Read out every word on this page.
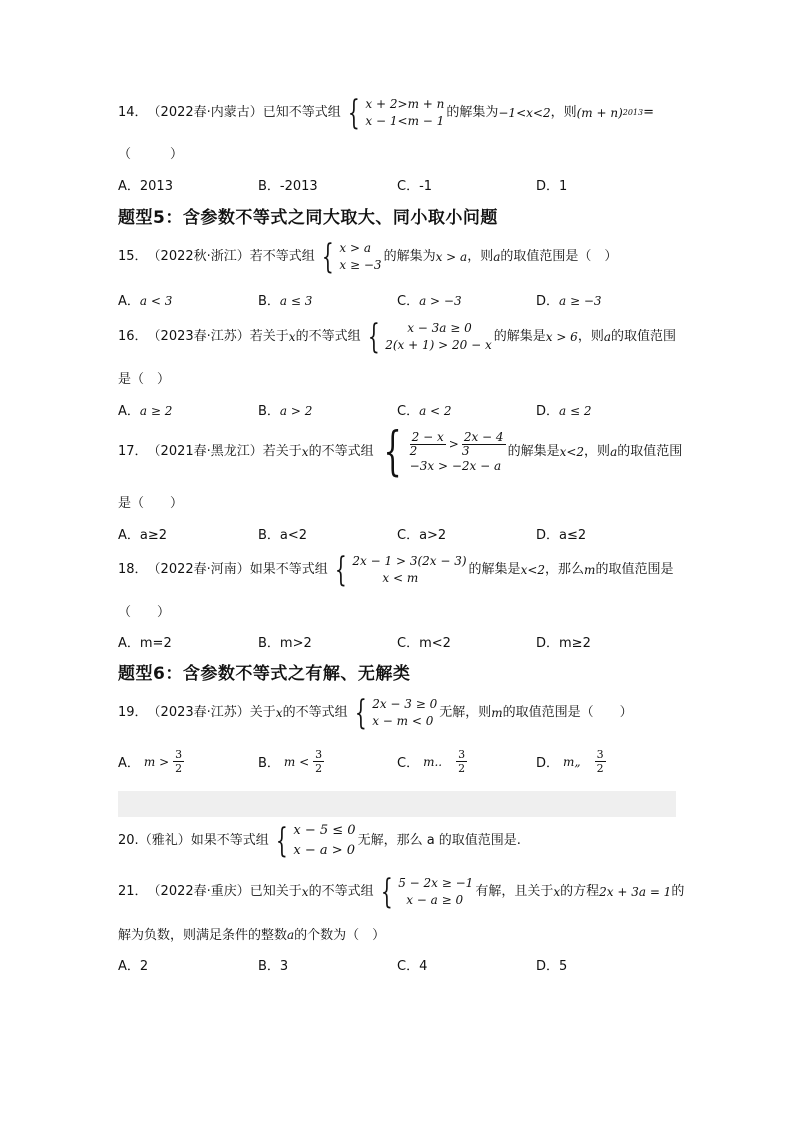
14． （2022春·内蒙古） 已知不等式组 { x + 2>m + n
x − 1<m − 1
的解集为 −1<x<2 ，则 (m + n) 2013 =
（　　　）
A．2013	B．-2013	C．-1	D．1
题型5：含参数不等式之同大取大、同小取小问题
15． （2022秋·浙江） 若不等式组 { x > a
x ≥ −3
的解集为 x > a ，则 a 的取值范围是（　）
A．a < 3	B．a ≤ 3	C．a > −3	D．a ≥ −3
16． （2023春·江苏） 若关于 x 的不等式组 {	x − 3a ≥ 0
2(x + 1) > 20 − x
的解集是 x > 6 ，则 a 的取值范围
是（　）
A．a ≥ 2	B．a > 2	C．a < 2	D．a ≤ 2
17． （2021春·黑龙江） 若关于 x 的不等式组 { $\frac{2 - x}{2} > \frac{2x - 4}{3}$
−3x > −2x − a
的解集是 x<2 ，则 a 的取值范围
是（　　）
A．a≥2	B．a<2	C．a>2	D．a≤2
18． （2022春·河南） 如果不等式组 { 2x − 1 > 3(2x − 3)
x < m
的解集是 x<2 ，那么 m 的取值范围是
（　　）
A．m=2	B．m>2	C．m<2	D．m≥2
题型6：含参数不等式之有解、无解类
19． （2023春·江苏） 关于 x 的不等式组 { 2x − 3 ≥ 0
x − m < 0
无解，则 m 的取值范围是（　　）
A． $m > \frac{3}{2}$	B． $m < \frac{3}{2}$	C． m.. $\frac{3}{2}$	D． m„ $\frac{3}{2}$
20. （雅礼） 如果不等式组 { x − 5 ≤ 0
x − a > 0
无解，那么 a 的取值范围是.
21． （2022春·重庆） 已知关于 x 的不等式组 { 5 − 2x ≥ −1
x − a ≥ 0
有解，且关于 x 的方程 2x + 3a = 1 的
解为负数，则满足条件的整数a的个数为（　）
A．2	B．3	C．4	D．5
